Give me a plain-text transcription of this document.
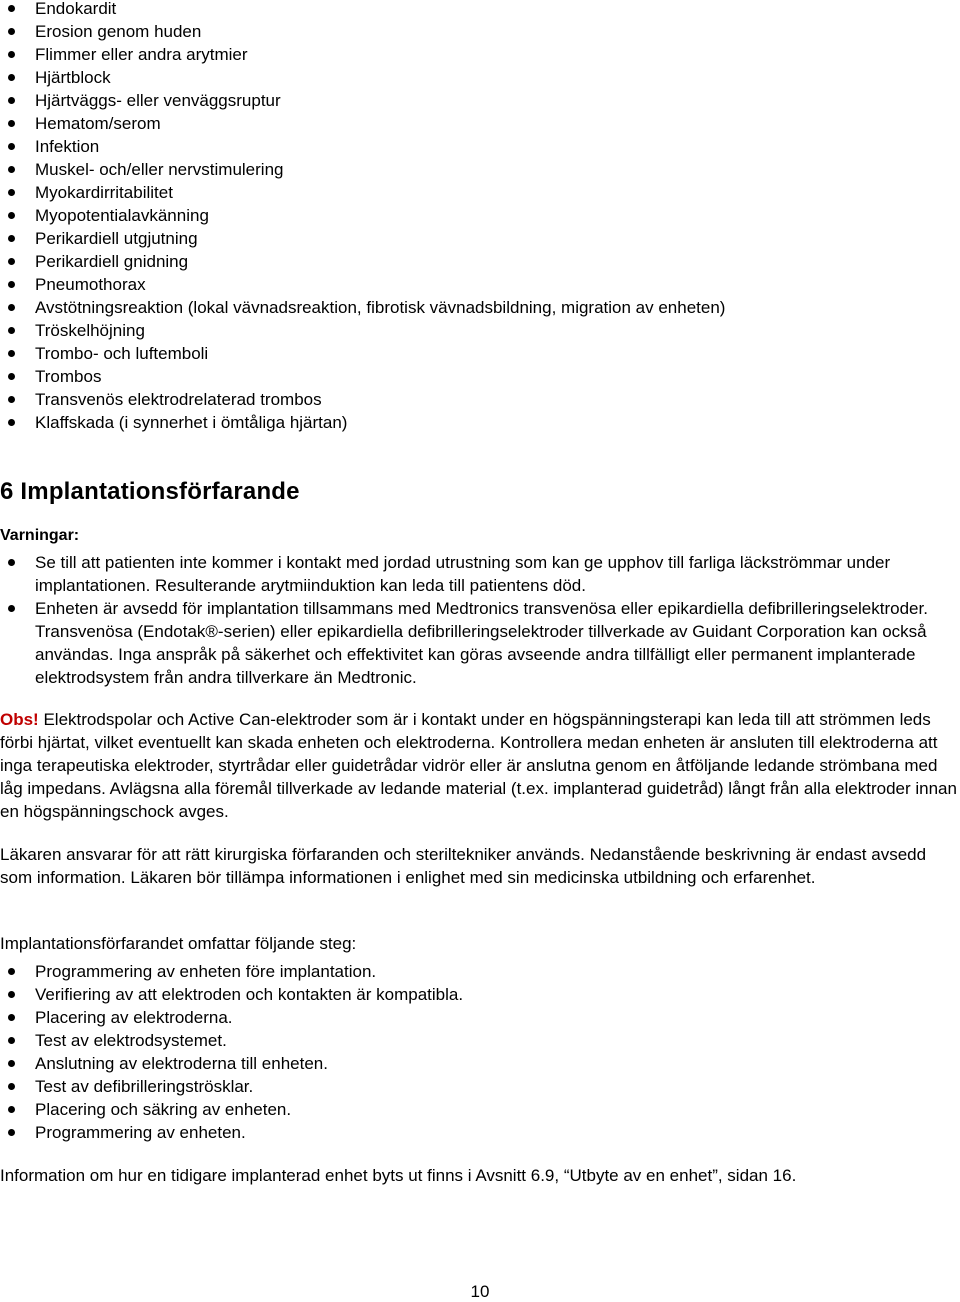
Endokardit
Erosion genom huden
Flimmer eller andra arytmier
Hjärtblock
Hjärtväggs- eller venväggsruptur
Hematom/serom
Infektion
Muskel- och/eller nervstimulering
Myokardirritabilitet
Myopotentialavkänning
Perikardiell utgjutning
Perikardiell gnidning
Pneumothorax
Avstötningsreaktion (lokal vävnadsreaktion, fibrotisk vävnadsbildning, migration av enheten)
Tröskelhöjning
Trombo- och luftemboli
Trombos
Transvenös elektrodrelaterad trombos
Klaffskada (i synnerhet i ömtåliga hjärtan)
6 Implantationsförfarande
Varningar:
Se till att patienten inte kommer i kontakt med jordad utrustning som kan ge upphov till farliga läckströmmar under implantationen. Resulterande arytmiinduktion kan leda till patientens död.
Enheten är avsedd för implantation tillsammans med Medtronics transvenösa eller epikardiella defibrilleringselektroder. Transvenösa (Endotak®-serien) eller epikardiella defibrilleringselektroder tillverkade av Guidant Corporation kan också användas. Inga anspråk på säkerhet och effektivitet kan göras avseende andra tillfälligt eller permanent implanterade elektrodsystem från andra tillverkare än Medtronic.
Obs! Elektrodspolar och Active Can-elektroder som är i kontakt under en högspänningsterapi kan leda till att strömmen leds förbi hjärtat, vilket eventuellt kan skada enheten och elektroderna. Kontrollera medan enheten är ansluten till elektroderna att inga terapeutiska elektroder, styrtrådar eller guidetrådar vidrör eller är anslutna genom en åtföljande ledande strömbana med låg impedans. Avlägsna alla föremål tillverkade av ledande material (t.ex. implanterad guidetråd) långt från alla elektroder innan en högspänningschock avges.
Läkaren ansvarar för att rätt kirurgiska förfaranden och steriltekniker används. Nedanstående beskrivning är endast avsedd som information. Läkaren bör tillämpa informationen i enlighet med sin medicinska utbildning och erfarenhet.
Implantationsförfarandet omfattar följande steg:
Programmering av enheten före implantation.
Verifiering av att elektroden och kontakten är kompatibla.
Placering av elektroderna.
Test av elektrodsystemet.
Anslutning av elektroderna till enheten.
Test av defibrilleringströsklar.
Placering och säkring av enheten.
Programmering av enheten.
Information om hur en tidigare implanterad enhet byts ut finns i Avsnitt 6.9, “Utbyte av en enhet”, sidan 16.
10
